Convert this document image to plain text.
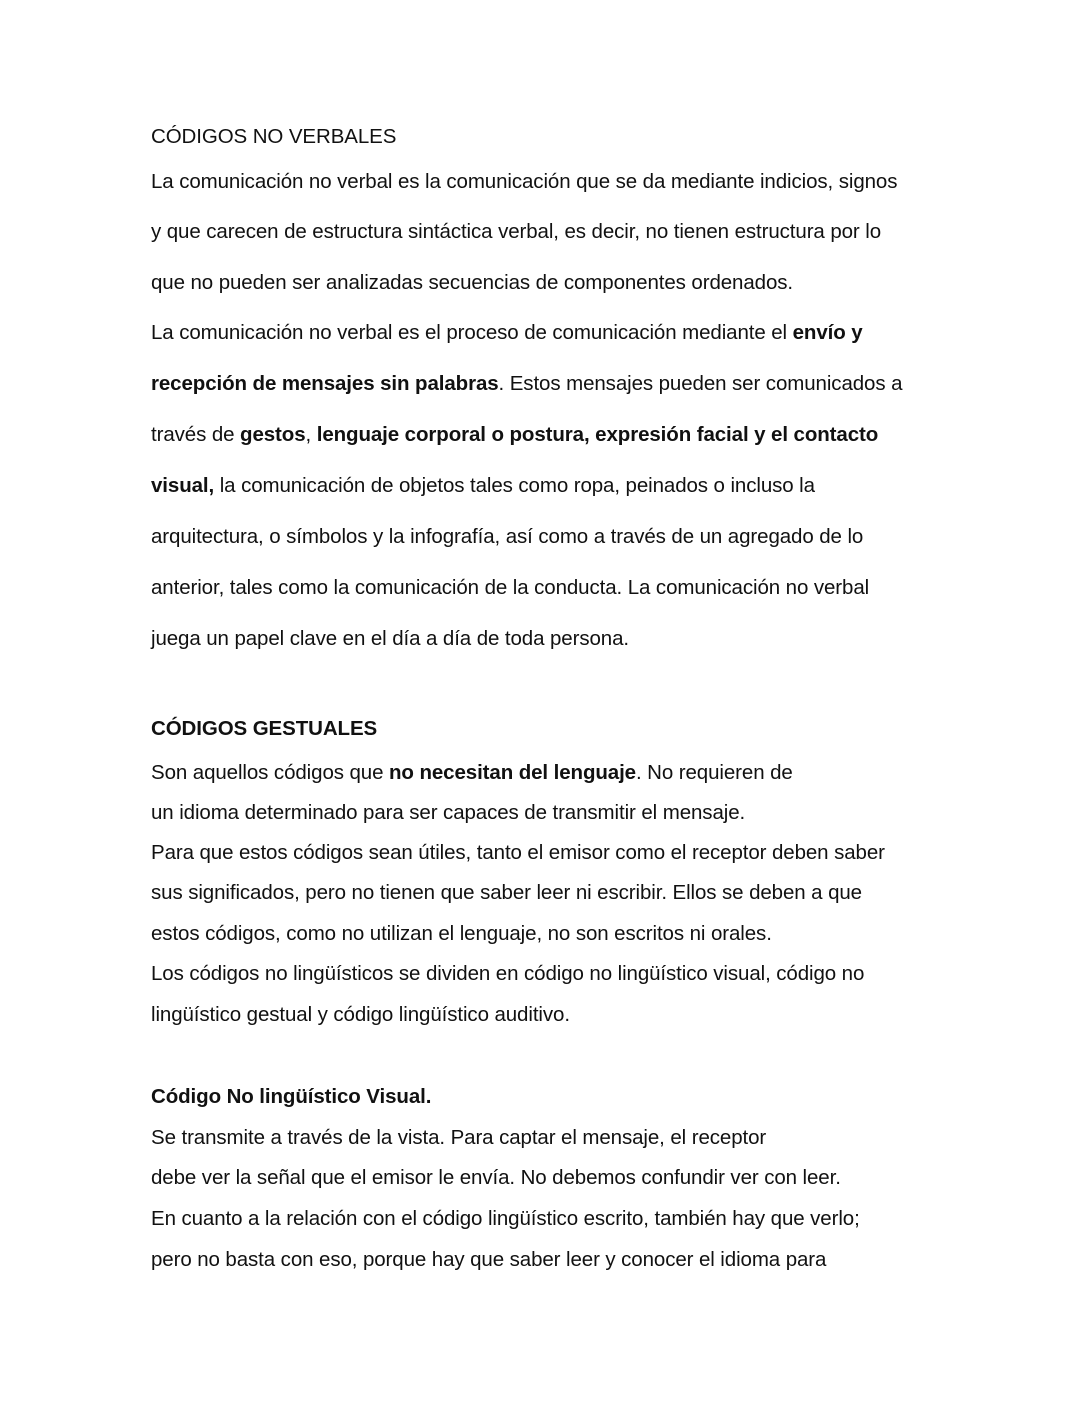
CÓDIGOS NO VERBALES

La comunicación no verbal es la comunicación que se da mediante indicios, signos

y que carecen de estructura sintáctica verbal, es decir, no tienen estructura por lo

que no pueden ser analizadas secuencias de componentes ordenados.

La comunicación no verbal es el proceso de comunicación mediante el envío y

recepción de mensajes sin palabras. Estos mensajes pueden ser comunicados a

través de gestos, lenguaje corporal o postura, expresión facial y el contacto

visual, la comunicación de objetos tales como ropa, peinados o incluso la

arquitectura, o símbolos y la infografía, así como a través de un agregado de lo

anterior, tales como la comunicación de la conducta. La comunicación no verbal

juega un papel clave en el día a día de toda persona.

CÓDIGOS GESTUALES

Son aquellos códigos que no necesitan del lenguaje. No requieren de

un idioma determinado para ser capaces de transmitir el mensaje.

Para que estos códigos sean útiles, tanto el emisor como el receptor deben saber

sus significados, pero no tienen que saber leer ni escribir. Ellos se deben a que

estos códigos, como no utilizan el lenguaje, no son escritos ni orales.

Los códigos no lingüísticos se dividen en código no lingüístico visual, código no

lingüístico gestual y código lingüístico auditivo.

Código No lingüístico Visual.

Se transmite a través de la vista. Para captar el mensaje, el receptor

debe ver la señal que el emisor le envía. No debemos confundir ver con leer.

En cuanto a la relación con el código lingüístico escrito, también hay que verlo;

pero no basta con eso, porque hay que saber leer y conocer el idioma para
